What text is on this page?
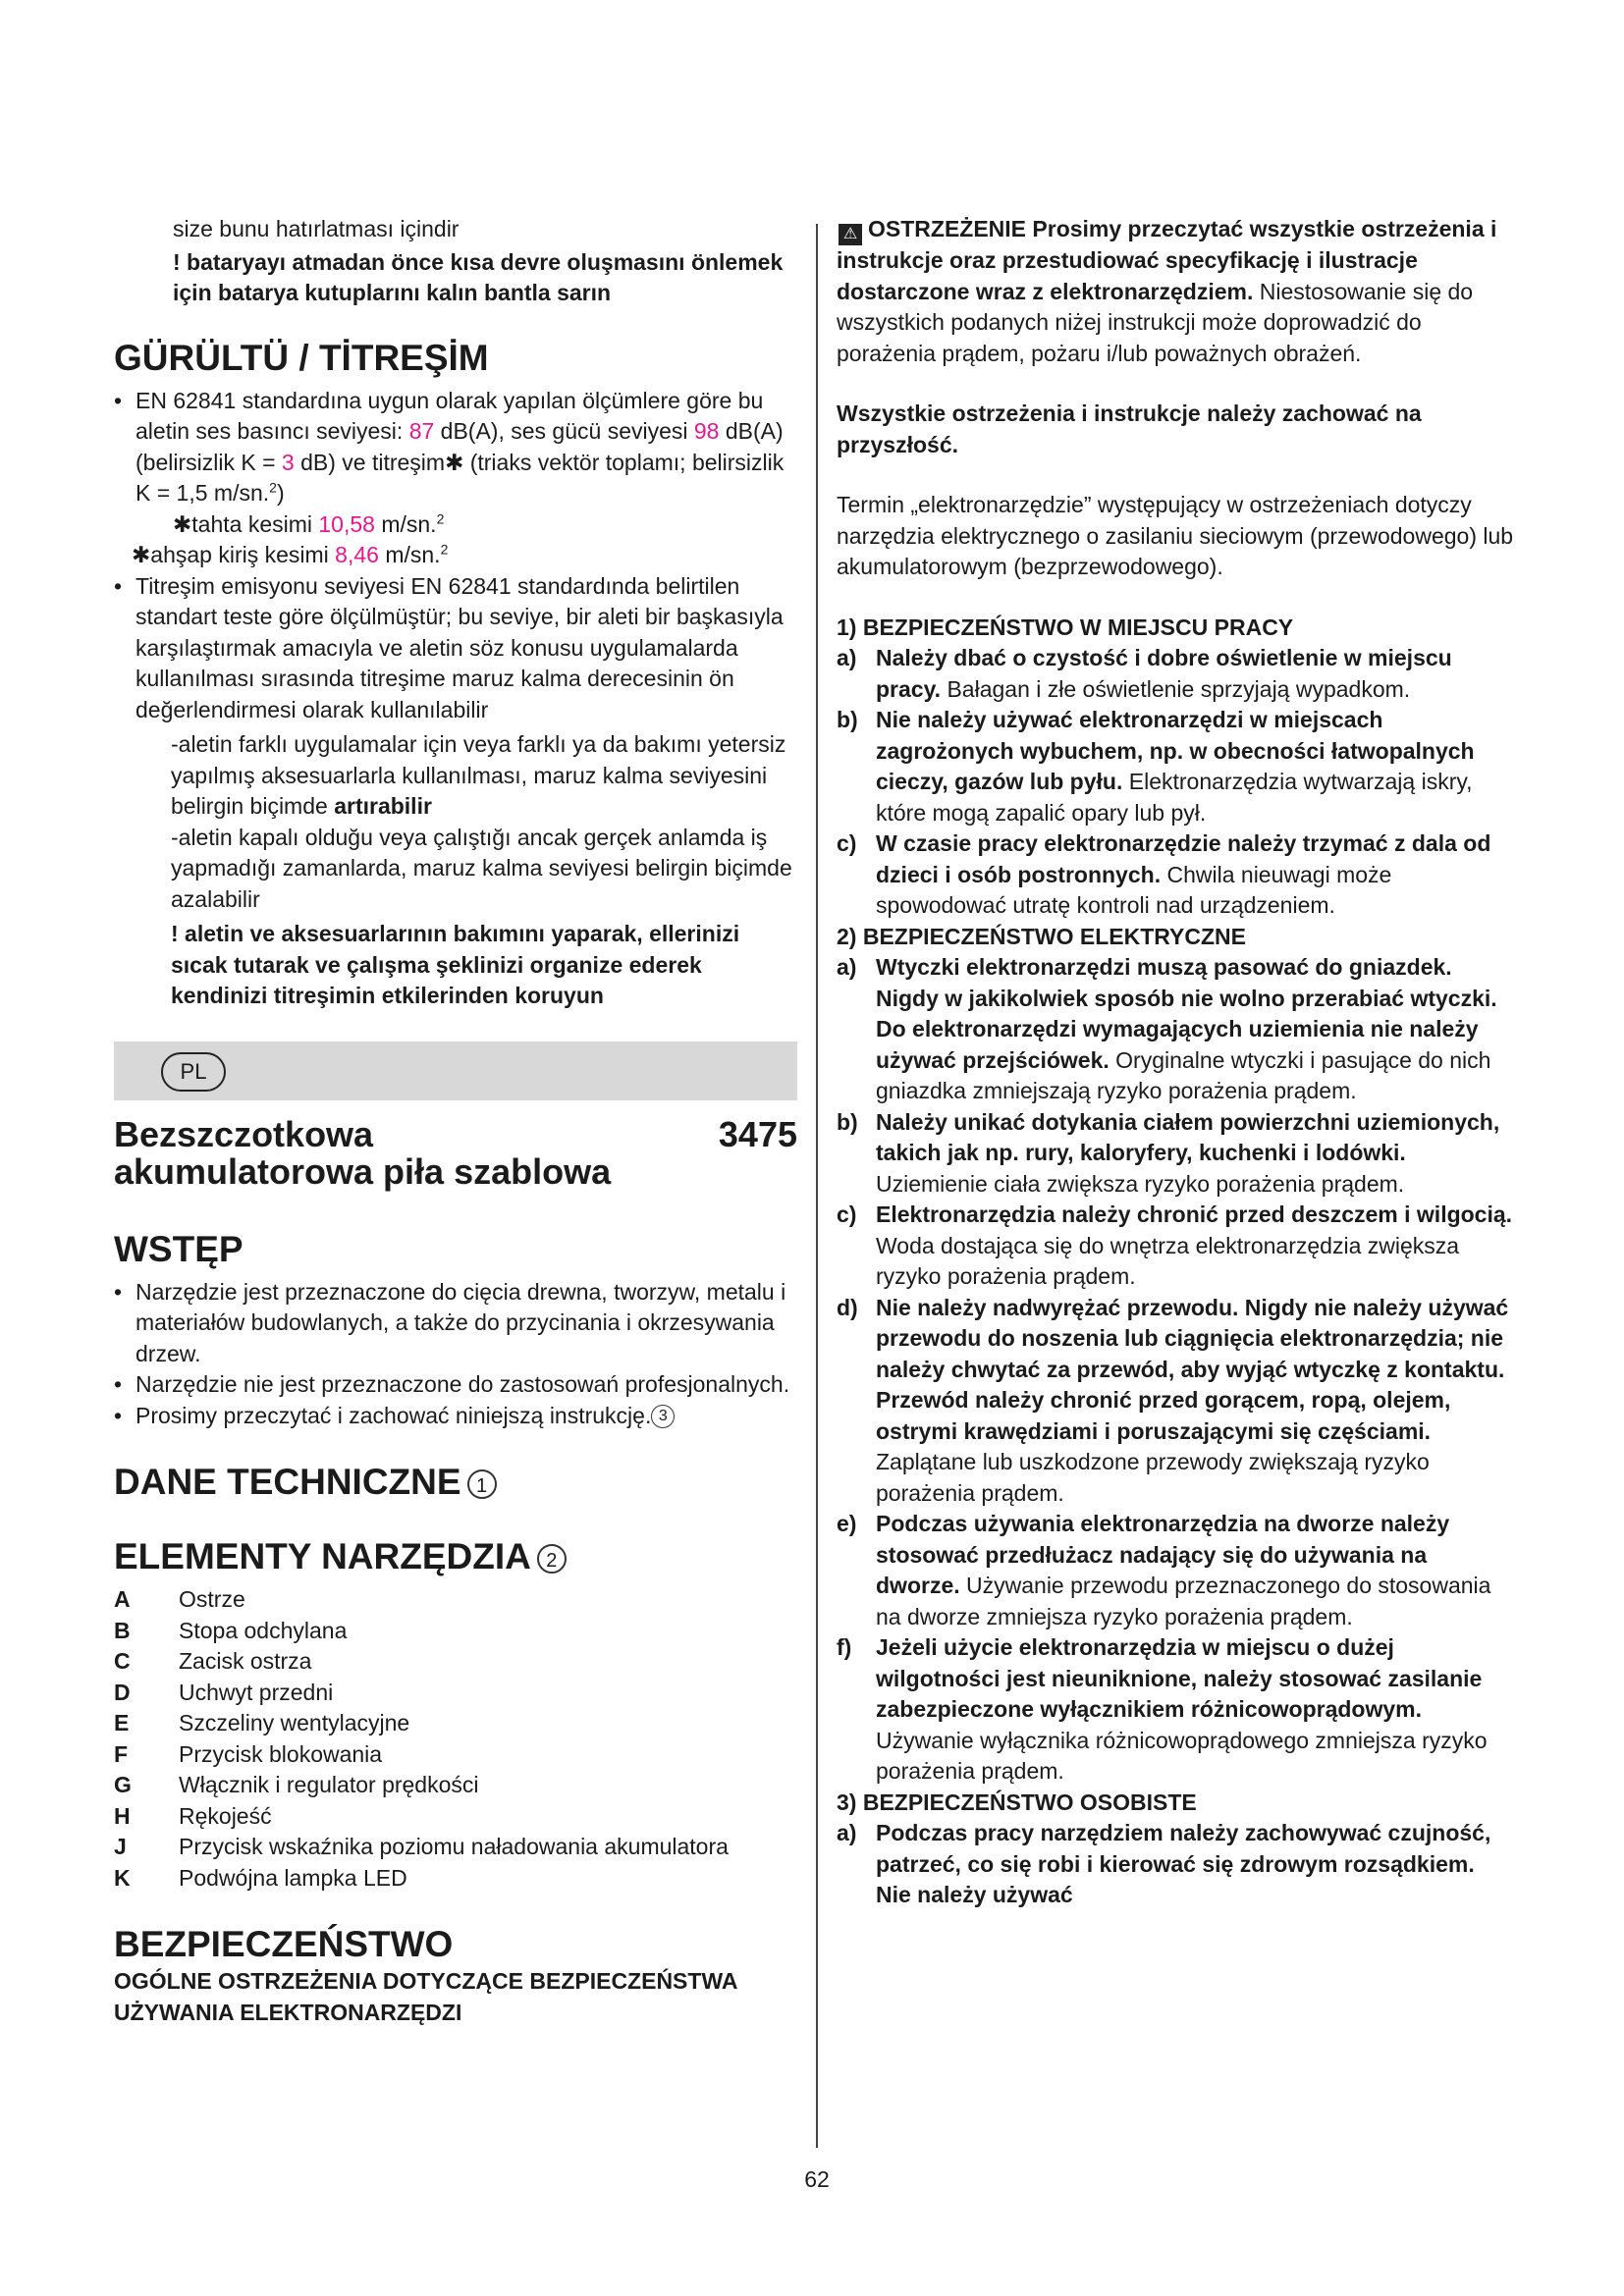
size bunu hatırlatması içindir

! bataryayı atmadan önce kısa devre oluşmasını önlemek için batarya kutuplarını kalın bantla sarın

GÜRÜLTÜ / TİTREŞİM

• EN 62841 standardına uygun olarak yapılan ölçümlere göre bu aletin ses basıncı seviyesi: 87 dB(A), ses gücü seviyesi 98 dB(A) (belirsizlik K = 3 dB) ve titreşim✱ (triaks vektör toplamı; belirsizlik K = 1,5 m/sn.$^2$)

✱tahta kesimi 10,58 m/sn.$^2$

✱ahşap kiriş kesimi 8,46 m/sn.$^2$

• Titreşim emisyonu seviyesi EN 62841 standardında belirtilen standart teste göre ölçülmüştür; bu seviye, bir aleti bir başkasıyla karşılaştırmak amacıyla ve aletin söz konusu uygulamalarda kullanılması sırasında titreşime maruz kalma derecesinin ön değerlendirmesi olarak kullanılabilir

-aletin farklı uygulamalar için veya farklı ya da bakımı yetersiz yapılmış aksesuarlarla kullanılması, maruz kalma seviyesini belirgin biçimde artırabilir

-aletin kapalı olduğu veya çalıştığı ancak gerçek anlamda iş yapmadığı zamanlarda, maruz kalma seviyesi belirgin biçimde azalabilir

! aletin ve aksesuarlarının bakımını yaparak, ellerinizi sıcak tutarak ve çalışma şeklinizi organize ederek kendinizi titreşimin etkilerinden koruyun

PL
Bezszczotkowa	3475
akumulatorowa piła szablowa

WSTĘP

• Narzędzie jest przeznaczone do cięcia drewna, tworzyw, metalu i materiałów budowlanych, a także do przycinania i okrzesywania drzew.
• Narzędzie nie jest przeznaczone do zastosowań profesjonalnych.
• Prosimy przeczytać i zachować niniejszą instrukcję. 3

DANE TECHNICZNE 1

ELEMENTY NARZĘDZIA 2

A	Ostrze
B	Stopa odchylana
C	Zacisk ostrza
D	Uchwyt przedni
E	Szczeliny wentylacyjne
F	Przycisk blokowania
G	Włącznik i regulator prędkości
H	Rękojeść
J	Przycisk wskaźnika poziomu naładowania akumulatora
K	Podwójna lampka LED

BEZPIECZEŃSTWO

OGÓLNE OSTRZEŻENIA DOTYCZĄCE BEZPIECZEŃSTWA UŻYWANIA ELEKTRONARZĘDZI

⚠ OSTRZEŻENIE Prosimy przeczytać wszystkie ostrzeżenia i instrukcje oraz przestudiować specyfikację i ilustracje dostarczone wraz z elektronarzędziem. Niestosowanie się do wszystkich podanych niżej instrukcji może doprowadzić do porażenia prądem, pożaru i/lub poważnych obrażeń.

Wszystkie ostrzeżenia i instrukcje należy zachować na przyszłość.

Termin „elektronarzędzie” występujący w ostrzeżeniach dotyczy narzędzia elektrycznego o zasilaniu sieciowym (przewodowego) lub akumulatorowym (bezprzewodowego).

1) BEZPIECZEŃSTWO W MIEJSCU PRACY

a) Należy dbać o czystość i dobre oświetlenie w miejscu pracy. Bałagan i złe oświetlenie sprzyjają wypadkom.
b) Nie należy używać elektronarzędzi w miejscach zagrożonych wybuchem, np. w obecności łatwopalnych cieczy, gazów lub pyłu. Elektronarzędzia wytwarzają iskry, które mogą zapalić opary lub pył.
c) W czasie pracy elektronarzędzie należy trzymać z dala od dzieci i osób postronnych. Chwila nieuwagi może spowodować utratę kontroli nad urządzeniem.

2) BEZPIECZEŃSTWO ELEKTRYCZNE

a) Wtyczki elektronarzędzi muszą pasować do gniazdek. Nigdy w jakikolwiek sposób nie wolno przerabiać wtyczki. Do elektronarzędzi wymagających uziemienia nie należy używać przejściówek. Oryginalne wtyczki i pasujące do nich gniazdka zmniejszają ryzyko porażenia prądem.
b) Należy unikać dotykania ciałem powierzchni uziemionych, takich jak np. rury, kaloryfery, kuchenki i lodówki. Uziemienie ciała zwiększa ryzyko porażenia prądem.
c) Elektronarzędzia należy chronić przed deszczem i wilgocią. Woda dostająca się do wnętrza elektronarzędzia zwiększa ryzyko porażenia prądem.
d) Nie należy nadwyrężać przewodu. Nigdy nie należy używać przewodu do noszenia lub ciągnięcia elektronarzędzia; nie należy chwytać za przewód, aby wyjąć wtyczkę z kontaktu. Przewód należy chronić przed gorącem, ropą, olejem, ostrymi krawędziami i poruszającymi się częściami. Zaplątane lub uszkodzone przewody zwiększają ryzyko porażenia prądem.
e) Podczas używania elektronarzędzia na dworze należy stosować przedłużacz nadający się do używania na dworze. Używanie przewodu przeznaczonego do stosowania na dworze zmniejsza ryzyko porażenia prądem.
f) Jeżeli użycie elektronarzędzia w miejscu o dużej wilgotności jest nieuniknione, należy stosować zasilanie zabezpieczone wyłącznikiem różnicowoprądowym. Używanie wyłącznika różnicowoprądowego zmniejsza ryzyko porażenia prądem.

3) BEZPIECZEŃSTWO OSOBISTE

a) Podczas pracy narzędziem należy zachowywać czujność, patrzeć, co się robi i kierować się zdrowym rozsądkiem. Nie należy używać
62
